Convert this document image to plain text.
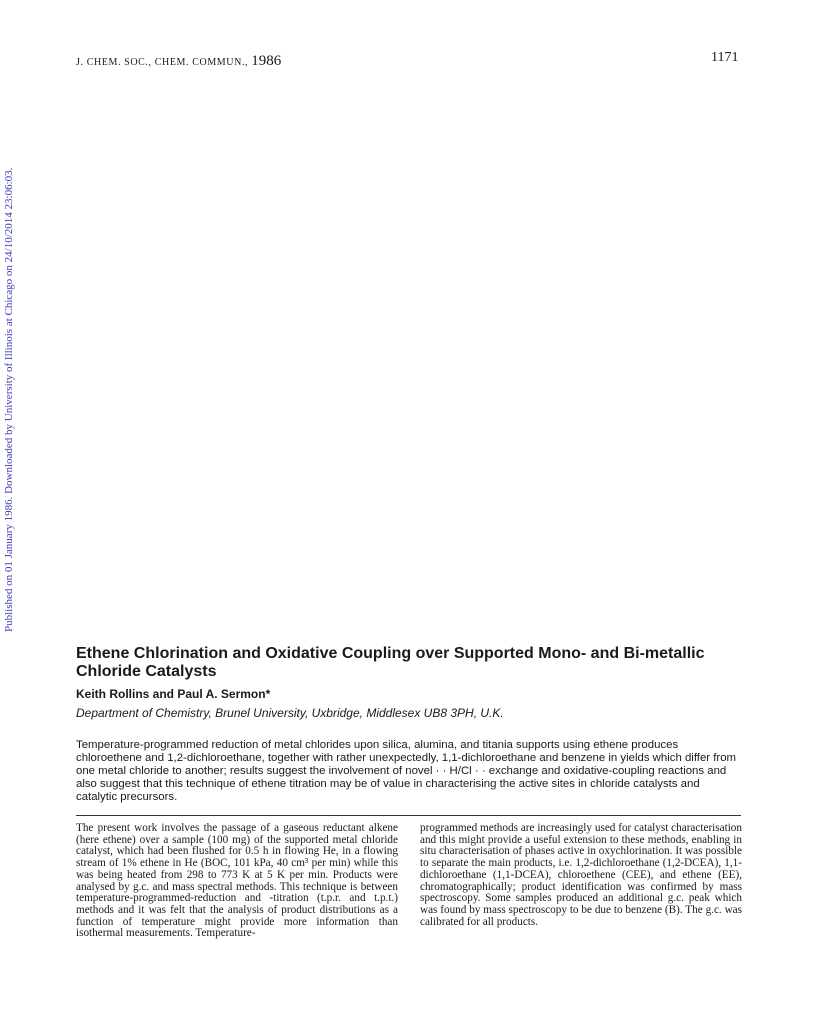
J. CHEM. SOC., CHEM. COMMUN., 1986	1171
Published on 01 January 1986. Downloaded by University of Illinois at Chicago on 24/10/2014 23:06:03.
Ethene Chlorination and Oxidative Coupling over Supported Mono- and Bi-metallic Chloride Catalysts
Keith Rollins and Paul A. Sermon*
Department of Chemistry, Brunel University, Uxbridge, Middlesex UB8 3PH, U.K.

Temperature-programmed reduction of metal chlorides upon silica, alumina, and titania supports using ethene produces chloroethene and 1,2-dichloroethane, together with rather unexpectedly, 1,1-dichloroethane and benzene in yields which differ from one metal chloride to another; results suggest the involvement of novel · · H/Cl · · exchange and oxidative-coupling reactions and also suggest that this technique of ethene titration may be of value in characterising the active sites in chloride catalysts and catalytic precursors.

The present work involves the passage of a gaseous reductant alkene (here ethene) over a sample (100 mg) of the supported metal chloride catalyst, which had been flushed for 0.5 h in flowing He, in a flowing stream of 1% ethene in He (BOC, 101 kPa, 40 cm³ per min) while this was being heated from 298 to 773 K at 5 K per min. Products were analysed by g.c. and mass spectral methods. This technique is between temperature-programmed-reduction and -titration (t.p.r. and t.p.t.) methods and it was felt that the analysis of product distributions as a function of temperature might provide more information than isothermal measurements. Temperature-

programmed methods are increasingly used for catalyst characterisation and this might provide a useful extension to these methods, enabling in situ characterisation of phases active in oxychlorination. It was possible to separate the main products, i.e. 1,2-dichloroethane (1,2-DCEA), 1,1-dichloroethane (1,1-DCEA), chloroethene (CEE), and ethene (EE), chromatographically; product identification was confirmed by mass spectroscopy. Some samples produced an additional g.c. peak which was found by mass spectroscopy to be due to benzene (B). The g.c. was calibrated for all products.
